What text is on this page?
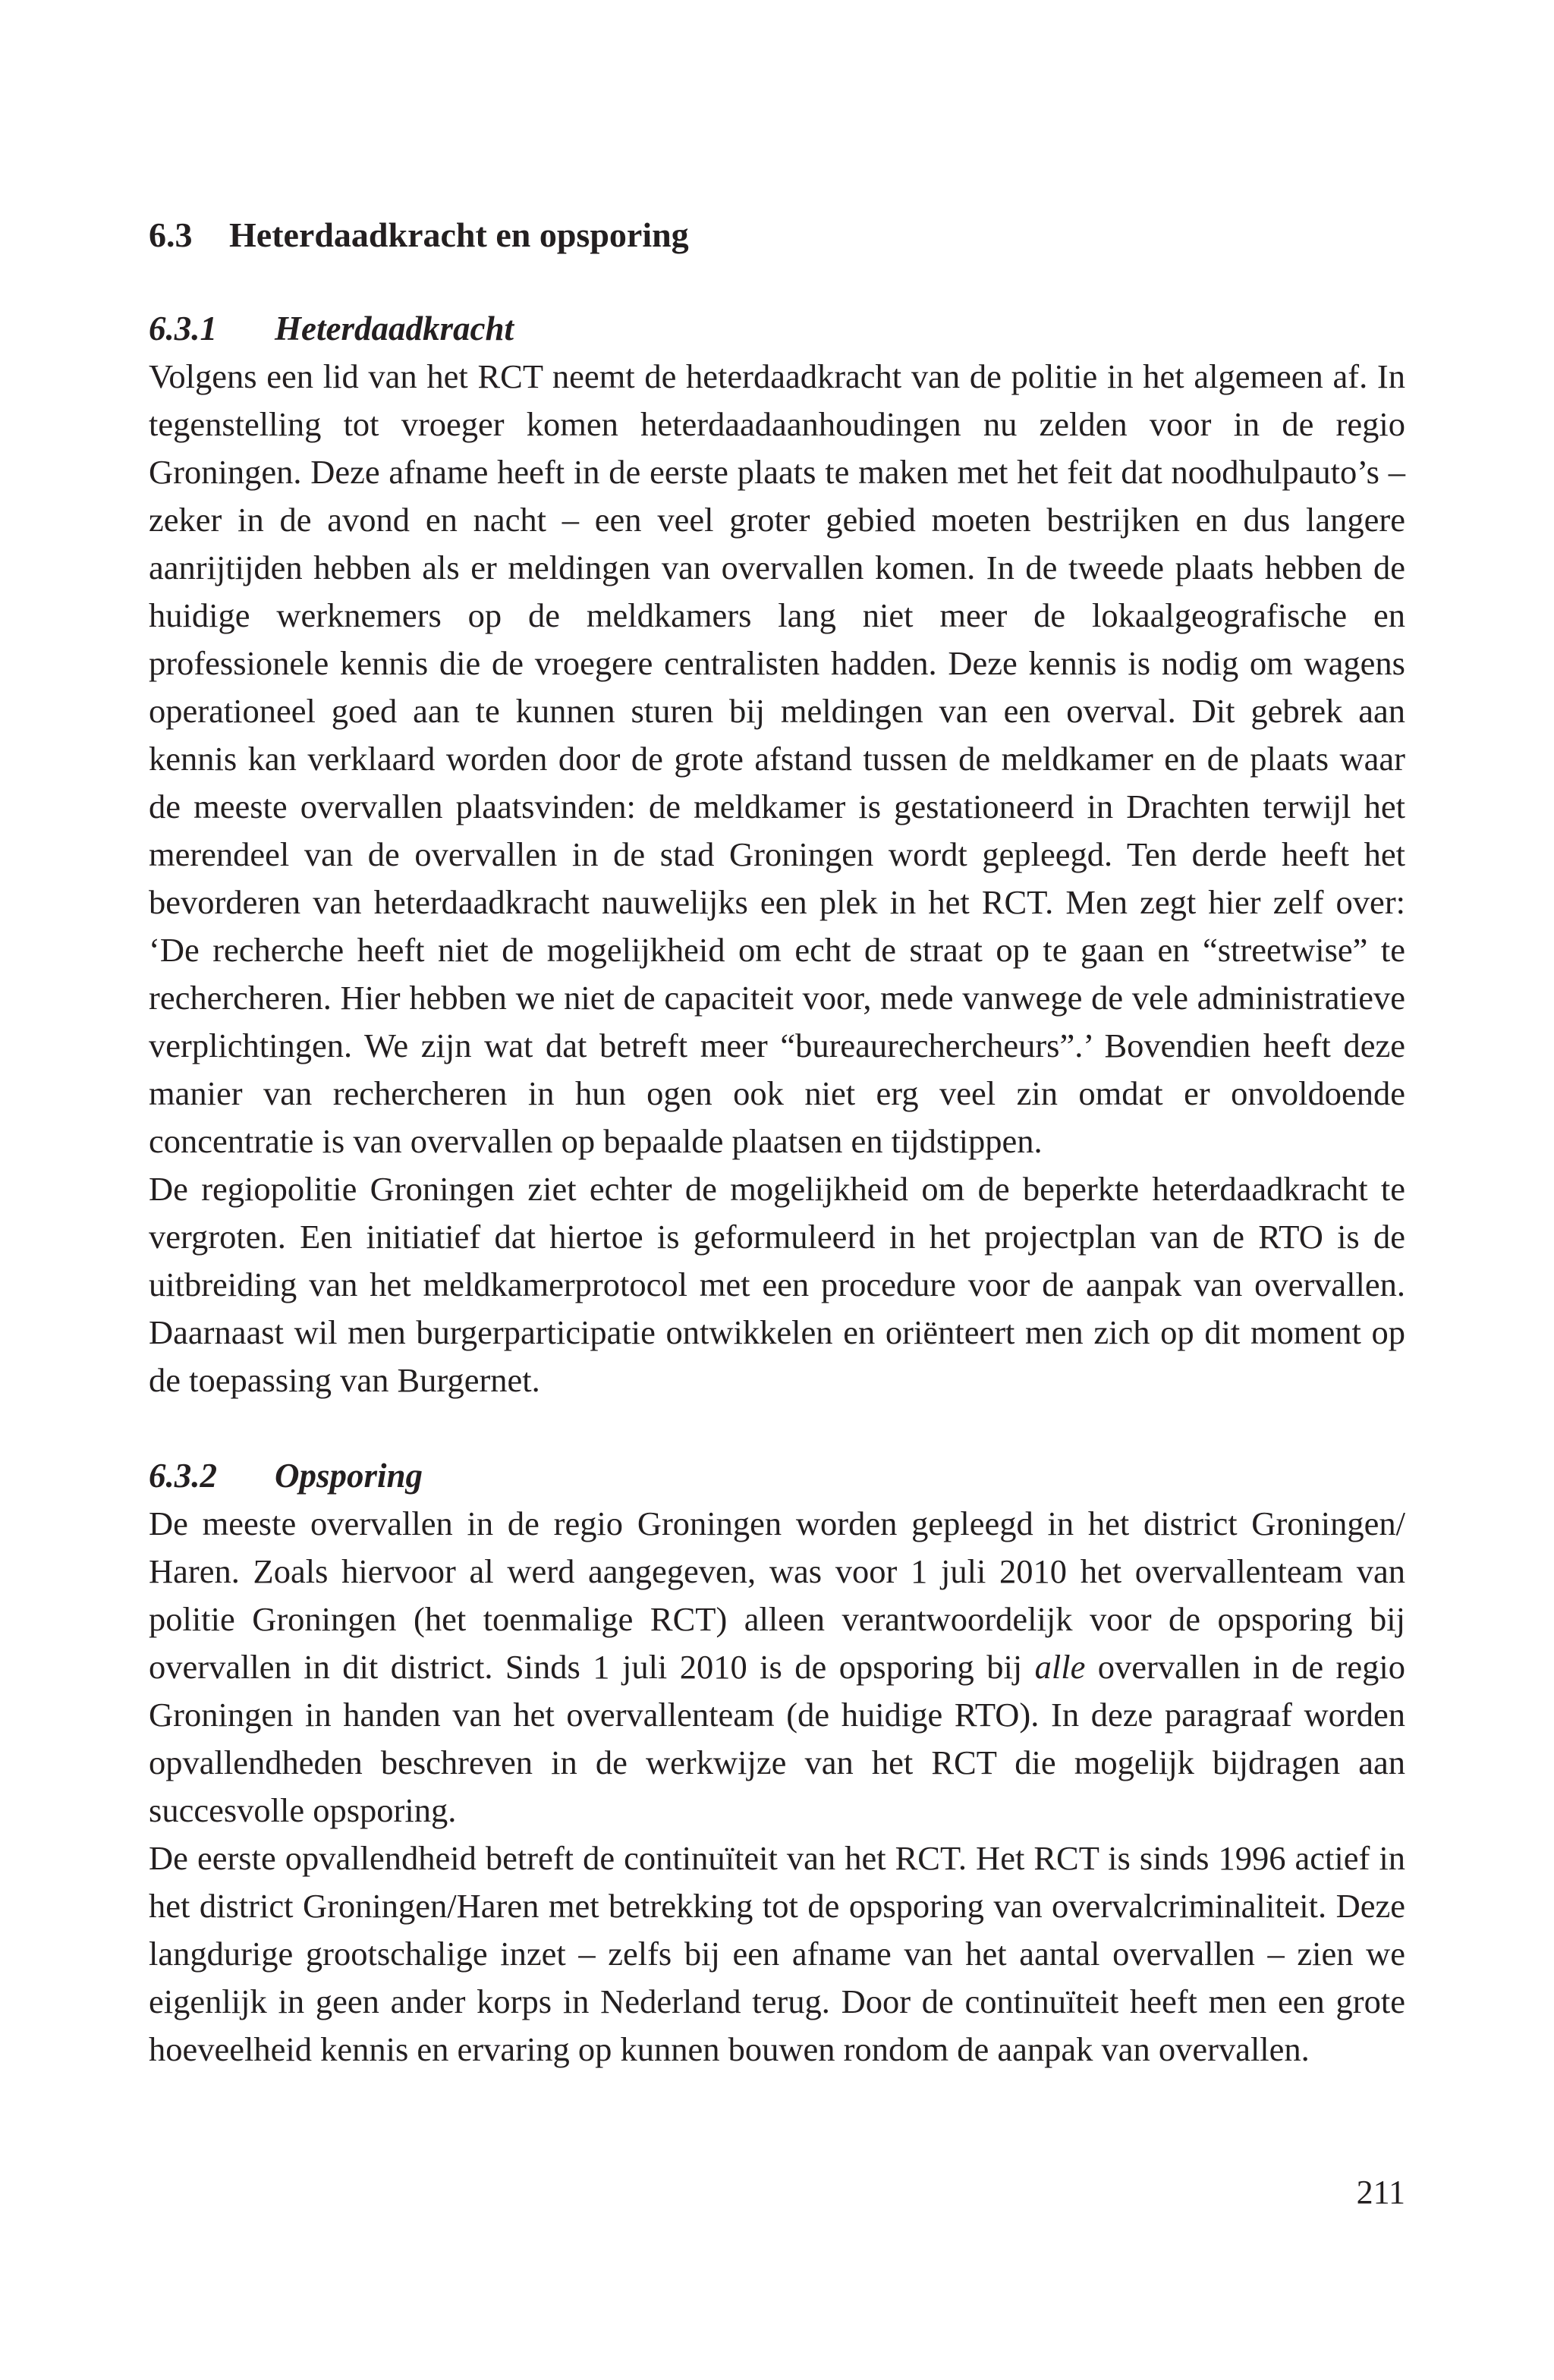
6.3 Heterdaadkracht en opsporing
6.3.1 Heterdaadkracht

Volgens een lid van het RCT neemt de heterdaadkracht van de politie in het algemeen af. In tegenstelling tot vroeger komen heterdaadaanhoudingen nu zelden voor in de regio Groningen. Deze afname heeft in de eerste plaats te maken met het feit dat noodhulpauto’s – zeker in de avond en nacht – een veel groter gebied moeten bestrijken en dus langere aanrijtijden hebben als er meldingen van overvallen komen. In de tweede plaats hebben de huidige werknemers op de meldkamers lang niet meer de lokaalgeografische en professionele kennis die de vroegere centralisten hadden. Deze kennis is nodig om wagens operationeel goed aan te kunnen sturen bij meldingen van een overval. Dit gebrek aan kennis kan verklaard worden door de grote afstand tussen de meldkamer en de plaats waar de meeste overvallen plaatsvinden: de meldkamer is gestationeerd in Drachten terwijl het merendeel van de overvallen in de stad Groningen wordt gepleegd. Ten derde heeft het bevorderen van heterdaadkracht nauwelijks een plek in het RCT. Men zegt hier zelf over: ‘De recherche heeft niet de mogelijkheid om echt de straat op te gaan en “streetwise” te rechercheren. Hier hebben we niet de capaciteit voor, mede vanwege de vele administratieve verplichtingen. We zijn wat dat betreft meer “bureaurechercheurs”.’ Bovendien heeft deze manier van rechercheren in hun ogen ook niet erg veel zin omdat er onvoldoende concentratie is van overvallen op bepaalde plaatsen en tijdstippen.

De regiopolitie Groningen ziet echter de mogelijkheid om de beperkte heterdaadkracht te vergroten. Een initiatief dat hiertoe is geformuleerd in het projectplan van de RTO is de uitbreiding van het meldkamerprotocol met een procedure voor de aanpak van overvallen. Daarnaast wil men burgerparticipatie ontwikkelen en oriënteert men zich op dit moment op de toepassing van Burgernet.

6.3.2 Opsporing

De meeste overvallen in de regio Groningen worden gepleegd in het district Groningen/ Haren. Zoals hiervoor al werd aangegeven, was voor 1 juli 2010 het overvallenteam van politie Groningen (het toenmalige RCT) alleen verantwoordelijk voor de opsporing bij overvallen in dit district. Sinds 1 juli 2010 is de opsporing bij alle overvallen in de regio Groningen in handen van het overvallenteam (de huidige RTO). In deze paragraaf worden opvallendheden beschreven in de werkwijze van het RCT die mogelijk bijdragen aan succesvolle opsporing.

De eerste opvallendheid betreft de continuïteit van het RCT. Het RCT is sinds 1996 actief in het district Groningen/Haren met betrekking tot de opsporing van overvalcriminaliteit. Deze langdurige grootschalige inzet – zelfs bij een afname van het aantal overvallen – zien we eigenlijk in geen ander korps in Nederland terug. Door de continuïteit heeft men een grote hoeveelheid kennis en ervaring op kunnen bouwen rondom de aanpak van overvallen.

211
